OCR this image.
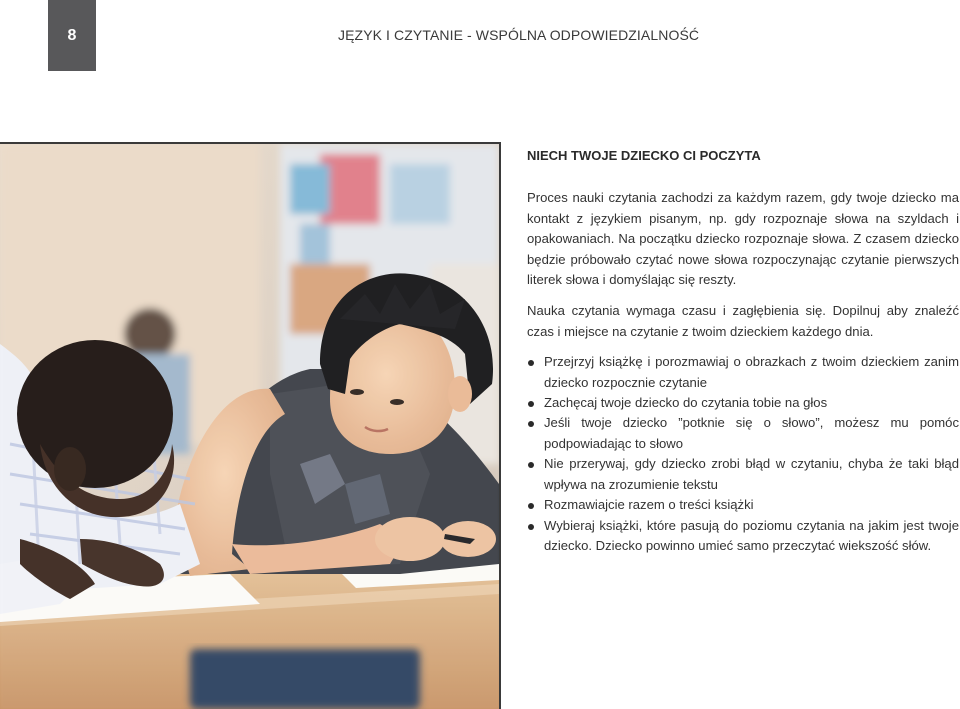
8	JĘZYK I CZYTANIE - WSPÓLNA ODPOWIEDZIALNOŚĆ
NIECH TWOJE DZIECKO CI POCZYTA

Proces nauki czytania zachodzi za każdym razem, gdy twoje dziecko ma kontakt z językiem pisanym, np. gdy rozpoznaje słowa na szyldach i opakowaniach. Na początku dziecko rozpoznaje słowa. Z czasem dziecko będzie próbowało czytać nowe słowa rozpoczynając czytanie pierwszych literek słowa i domyślając się reszty.

Nauka czytania wymaga czasu i zagłębienia się. Dopilnuj aby znaleźć czas i miejsce na czytanie z twoim dzieckiem każdego dnia.

Przejrzyj książkę i porozmawiaj o obrazkach z twoim dzieckiem zanim dziecko rozpocznie czytanie
Zachęcaj twoje dziecko do czytania tobie na głos
Jeśli twoje dziecko ”potknie się o słowo”, możesz mu pomóc podpowiadając to słowo
Nie przerywaj, gdy dziecko zrobi błąd w czytaniu, chyba że taki błąd wpływa na zrozumienie tekstu
Rozmawiajcie razem o treści książki
Wybieraj książki, które pasują do poziomu czytania na jakim jest twoje dziecko. Dziecko powinno umieć samo przeczytać wiekszość słów.
